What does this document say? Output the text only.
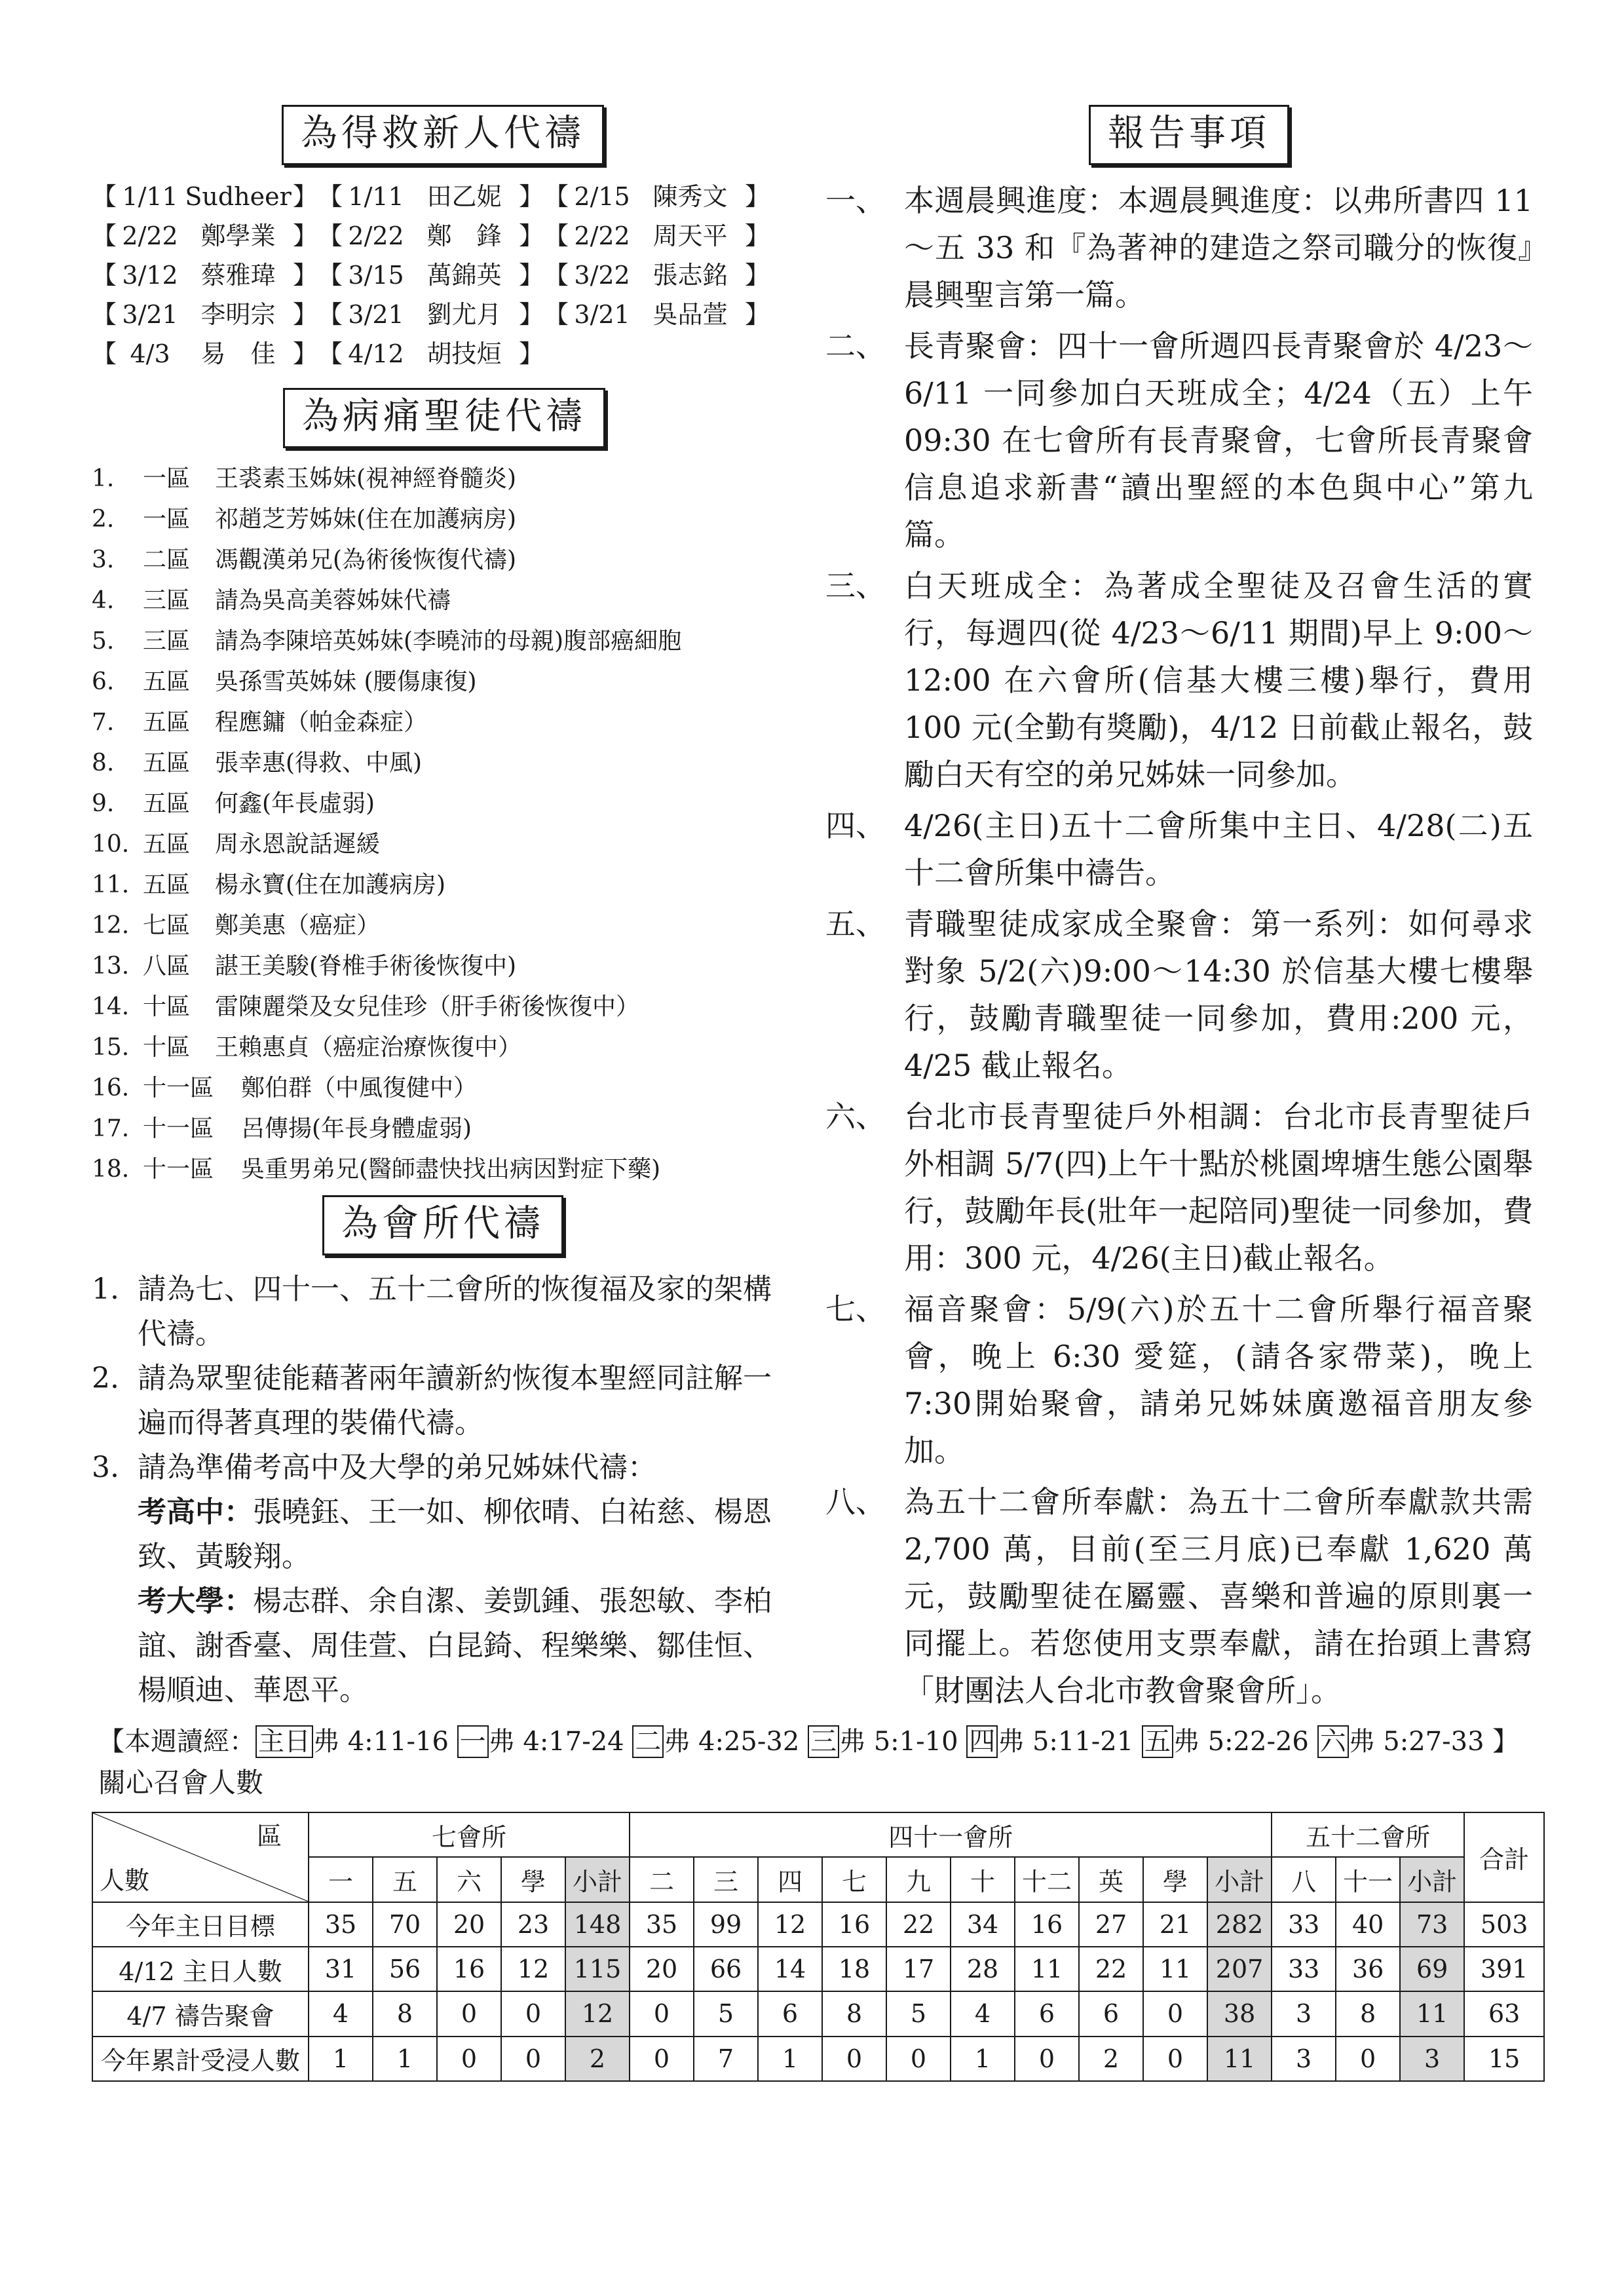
為得救新人代禱
【 1/11 Sudheer 】 【 1/11 田乙妮 】 【 2/15 陳秀文 】
【 2/22 鄭學業 】 【 2/22 鄭　鋒 】 【 2/22 周天平 】
【 3/12 蔡雅瑋 】 【 3/15 萬錦英 】 【 3/22 張志銘 】
【 3/21 李明宗 】 【 3/21 劉尤月 】 【 3/21 吳品萱 】
【 4/3	易　佳 】 【 4/12 胡技烜 】
為病痛聖徒代禱
1.	一區	王裘素玉姊妹(視神經脊髓炎)
2.	一區	祁趙芝芳姊妹(住在加護病房)
3.	二區	馮觀漢弟兄(為術後恢復代禱)
4.	三區	請為吳高美蓉姊妹代禱
5.	三區	請為李陳培英姊妹(李曉沛的母親)腹部癌細胞
6.	五區	吳孫雪英姊妹 (腰傷康復)
7.	五區	程應鏞（帕金森症）
8.	五區	張幸惠(得救、中風)
9.	五區	何鑫(年長虛弱)
10. 五區	周永恩說話遲緩
11. 五區	楊永寶(住在加護病房)
12. 七區	鄭美惠（癌症）
13. 八區	諶王美駿(脊椎手術後恢復中)
14. 十區	雷陳麗榮及女兒佳珍（肝手術後恢復中）
15. 十區	王賴惠貞（癌症治療恢復中）
16. 十一區	鄭伯群（中風復健中）
17. 十一區	呂傳揚(年長身體虛弱)
18. 十一區	吳重男弟兄(醫師盡快找出病因對症下藥)
為會所代禱
1. 請為七、四十一、五十二會所的恢復福及家的架構代禱。
2. 請為眾聖徒能藉著兩年讀新約恢復本聖經同註解一遍而得著真理的裝備代禱。
3. 請為準備考高中及大學的弟兄姊妹代禱：
考高中：張曉鈺、王一如、柳依晴、白祐慈、楊恩致、黃駿翔。
考大學：楊志群、余自潔、姜凱鍾、張恕敏、李柏誼、謝香臺、周佳萱、白昆錡、程樂樂、鄒佳恒、楊順迪、華恩平。
報告事項
一、 本週晨興進度：本週晨興進度：以弗所書四 11～五 33 和『為著神的建造之祭司職分的恢復』晨興聖言第一篇。
二、 長青聚會：四十一會所週四長青聚會於 4/23～6/11 一同參加白天班成全；4/24（五）上午 09:30 在七會所有長青聚會，七會所長青聚會信息追求新書“讀出聖經的本色與中心”第九篇。
三、 白天班成全：為著成全聖徒及召會生活的實行，每週四(從 4/23～6/11 期間)早上 9:00～12:00 在六會所(信基大樓三樓)舉行，費用 100 元(全勤有獎勵)，4/12 日前截止報名，鼓勵白天有空的弟兄姊妹一同參加。
四、 4/26(主日)五十二會所集中主日、4/28(二)五十二會所集中禱告。
五、 青職聖徒成家成全聚會：第一系列：如何尋求對象 5/2(六)9:00～14:30 於信基大樓七樓舉行，鼓勵青職聖徒一同參加，費用:200 元，4/25 截止報名。
六、 台北市長青聖徒戶外相調：台北市長青聖徒戶外相調 5/7(四)上午十點於桃園埤塘生態公園舉行，鼓勵年長(壯年一起陪同)聖徒一同參加，費用：300 元，4/26(主日)截止報名。
七、 福音聚會：5/9(六)於五十二會所舉行福音聚會，晚上 6:30 愛筵，(請各家帶菜)，晚上 7:30開始聚會，請弟兄姊妹廣邀福音朋友參加。
八、 為五十二會所奉獻：為五十二會所奉獻款共需 2,700 萬，目前(至三月底)已奉獻 1,620 萬元，鼓勵聖徒在屬靈、喜樂和普遍的原則裏一同擺上。若您使用支票奉獻，請在抬頭上書寫「財團法人台北市教會聚會所」。
【本週讀經： 主日 弗 4:11-16 一 弗 4:17-24 二 弗 4:25-32 三 弗 5:1-10 四 弗 5:11-21 五 弗 5:22-26 六 弗 5:27-33 】
關心召會人數
區
人數	七會所					四十一會所										五十二會所			合計
	一	五	六	學	小計	二	三	四	七	九	十	十二	英	學	小計	八	十一	小計	
今年主日目標	35	70	20	23	148	35	99	12	16	22	34	16	27	21	282	33	40	73	503
4/12 主日人數	31	56	16	12	115	20	66	14	18	17	28	11	22	11	207	33	36	69	391
4/7 禱告聚會	4	8	0	0	12	0	5	6	8	5	4	6	6	0	38	3	8	11	63
今年累計受浸人數	1	1	0	0	2	0	7	1	0	0	1	0	2	0	11	3	0	3	15
